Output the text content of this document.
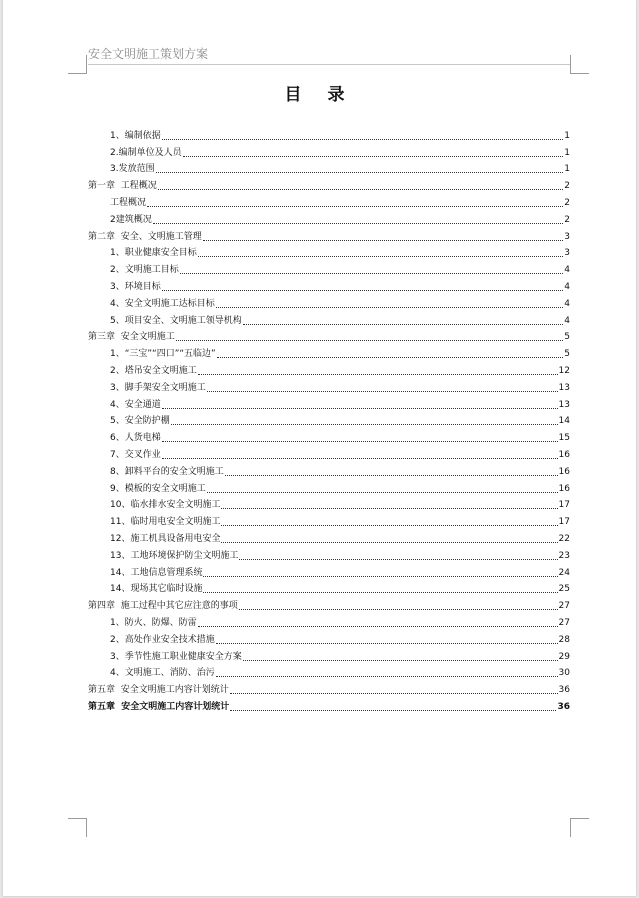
安全文明施工策划方案
目 录
1、编制依据	1
2.编制单位及人员	1
3.发放范围	1
第一章  工程概况	2
工程概况	2
2建筑概况	2
第二章  安全、文明施工管理	3
1、职业健康安全目标	3
2、文明施工目标	4
3、环境目标	4
4、安全文明施工达标目标	4
5、项目安全、文明施工领导机构	4
第三章  安全文明施工	5
1、“三宝”“四口”“五临边”	5
2、塔吊安全文明施工	12
3、脚手架安全文明施工	13
4、安全通道	13
5、安全防护棚	14
6、人货电梯	15
7、交叉作业	16
8、卸料平台的安全文明施工	16
9、模板的安全文明施工	16
10、临水排水安全文明施工	17
11、临时用电安全文明施工	17
12、施工机具设备用电安全	22
13、工地环境保护防尘文明施工	23
14、工地信息管理系统	24
14、现场其它临时设施	25
第四章  施工过程中其它应注意的事项	27
1、防火、防爆、防雷	27
2、高处作业安全技术措施	28
3、季节性施工职业健康安全方案	29
4、文明施工、消防、治污	30
第五章  安全文明施工内容计划统计	36
第五章  安全文明施工内容计划统计	36
